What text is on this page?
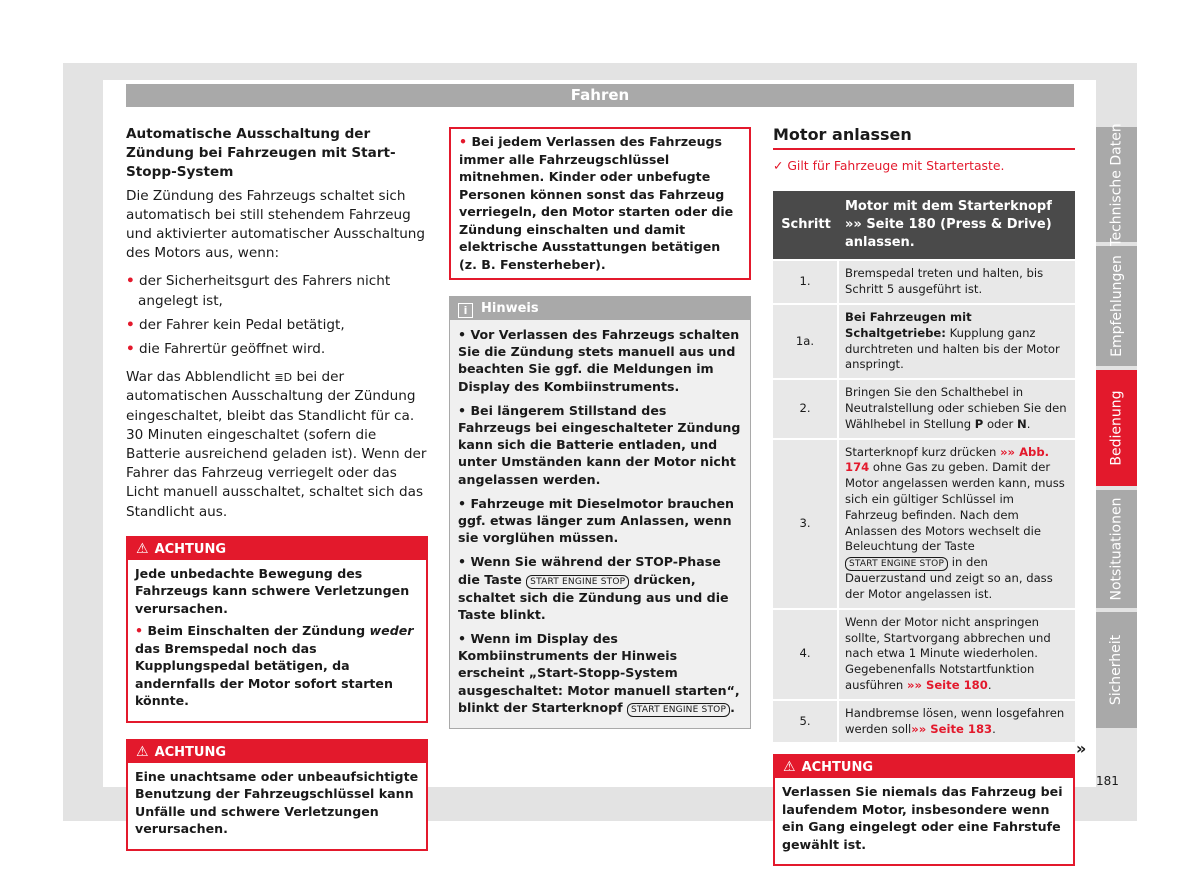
Fahren
Automatische Ausschaltung der Zündung bei Fahrzeugen mit Start-Stopp-System

Die Zündung des Fahrzeugs schaltet sich automatisch bei still stehendem Fahrzeug und aktivierter automatischer Ausschaltung des Motors aus, wenn:

• der Sicherheitsgurt des Fahrers nicht angelegt ist,
• der Fahrer kein Pedal betätigt,
• die Fahrertür geöffnet wird.

War das Abblendlicht ≣D bei der automatischen Ausschaltung der Zündung eingeschaltet, bleibt das Standlicht für ca. 30 Minuten eingeschaltet (sofern die Batterie ausreichend geladen ist). Wenn der Fahrer das Fahrzeug verriegelt oder das Licht manuell ausschaltet, schaltet sich das Standlicht aus.

⚠ ACHTUNG

Jede unbedachte Bewegung des Fahrzeugs kann schwere Verletzungen verursachen.

• Beim Einschalten der Zündung weder das Bremspedal noch das Kupplungspedal betätigen, da andernfalls der Motor sofort starten könnte.

⚠ ACHTUNG

Eine unachtsame oder unbeaufsichtigte Benutzung der Fahrzeugschlüssel kann Unfälle und schwere Verletzungen verursachen.

• Bei jedem Verlassen des Fahrzeugs immer alle Fahrzeugschlüssel mitnehmen. Kinder oder unbefugte Personen können sonst das Fahrzeug verriegeln, den Motor starten oder die Zündung einschalten und damit elektrische Ausstattungen betätigen (z. B. Fensterheber).
i Hinweis

• Vor Verlassen des Fahrzeugs schalten Sie die Zündung stets manuell aus und beachten Sie ggf. die Meldungen im Display des Kombiinstruments.

• Bei längerem Stillstand des Fahrzeugs bei eingeschalteter Zündung kann sich die Batterie entladen, und unter Umständen kann der Motor nicht angelassen werden.

• Fahrzeuge mit Dieselmotor brauchen ggf. etwas länger zum Anlassen, wenn sie vorglühen müssen.

• Wenn Sie während der STOP-Phase die Taste START ENGINE STOP drücken, schaltet sich die Zündung aus und die Taste blinkt.

• Wenn im Display des Kombiinstruments der Hinweis erscheint „Start-Stopp-System ausgeschaltet: Motor manuell starten“, blinkt der Starterknopf START ENGINE STOP .

Motor anlassen
✓ Gilt für Fahrzeuge mit Startertaste.
Schritt	Motor mit dem Starterknopf »» Seite 180 (Press & Drive) anlassen.
1.	Bremspedal treten und halten, bis Schritt 5 ausgeführt ist.
1a.	Bei Fahrzeugen mit Schaltgetriebe: Kupplung ganz durchtreten und halten bis der Motor anspringt.
2.	Bringen Sie den Schalthebel in Neutralstellung oder schieben Sie den Wählhebel in Stellung P oder N.
3.	Starterknopf kurz drücken »» Abb. 174 ohne Gas zu geben. Damit der Motor angelassen werden kann, muss sich ein gültiger Schlüssel im Fahrzeug befinden. Nach dem Anlassen des Motors wechselt die Beleuchtung der Taste START ENGINE STOP in den Dauerzustand und zeigt so an, dass der Motor angelassen ist.
4.	Wenn der Motor nicht anspringen sollte, Startvorgang abbrechen und nach etwa 1 Minute wiederholen. Gegebenenfalls Notstartfunktion ausführen »» Seite 180.
5.	Handbremse lösen, wenn losgefahren werden soll»» Seite 183.
⚠ ACHTUNG

Verlassen Sie niemals das Fahrzeug bei laufendem Motor, insbesondere wenn ein Gang eingelegt oder eine Fahrstufe gewählt ist.

»
Technische Daten
Empfehlungen
Bedienung
Notsituationen
Sicherheit
181
